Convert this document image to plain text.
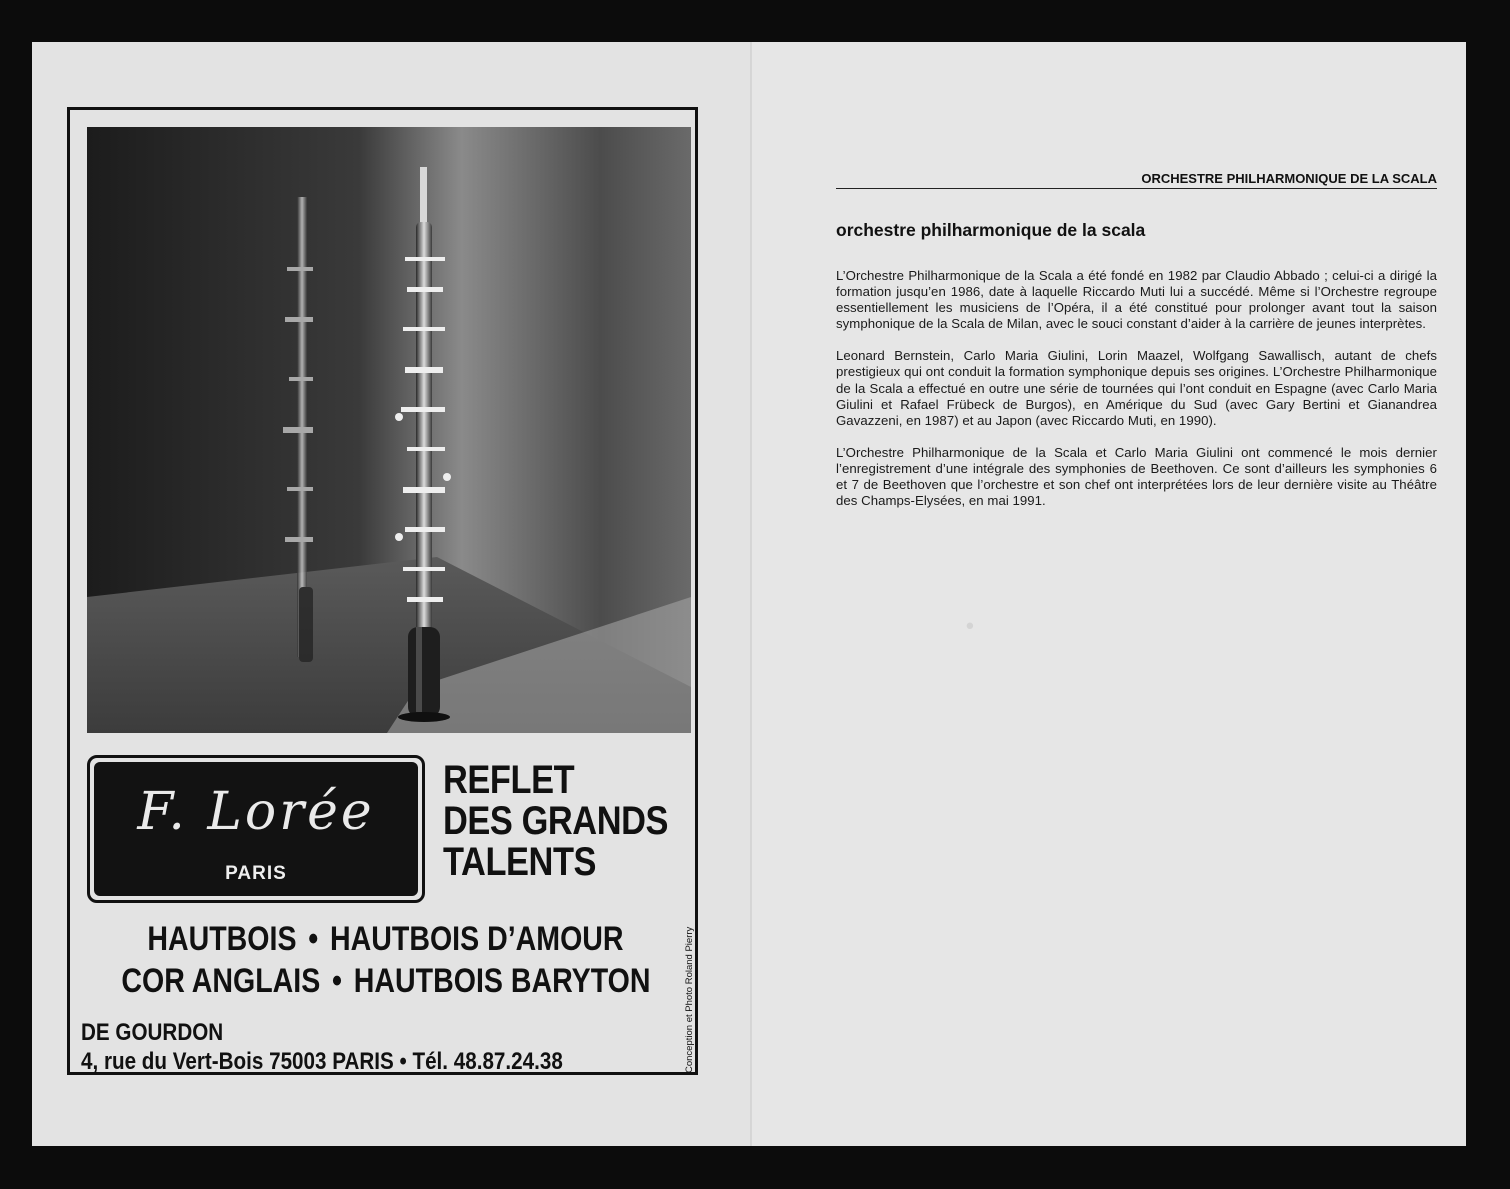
F. Lorée
PARIS
REFLET
DES GRANDS
TALENTS
HAUTBOIS • HAUTBOIS D’AMOUR
COR ANGLAIS • HAUTBOIS BARYTON
DE GOURDON
4, rue du Vert-Bois 75003 PARIS • Tél. 48.87.24.38	Conception et Photo Roland Pierry
·
ORCHESTRE PHILHARMONIQUE DE LA SCALA
orchestre philharmonique de la scala

L’Orchestre Philharmonique de la Scala a été fondé en 1982 par Claudio Abbado ; celui-ci a dirigé la formation jusqu’en 1986, date à laquelle Riccardo Muti lui a succédé. Même si l’Orchestre regroupe essentiellement les musiciens de l’Opéra, il a été constitué pour prolonger avant tout la saison symphonique de la Scala de Milan, avec le souci constant d’aider à la carrière de jeunes interprètes.

Leonard Bernstein, Carlo Maria Giulini, Lorin Maazel, Wolfgang Sawallisch, autant de chefs prestigieux qui ont conduit la formation symphonique depuis ses origines. L’Orchestre Philharmonique de la Scala a effectué en outre une série de tournées qui l’ont conduit en Espagne (avec Carlo Maria Giulini et Rafael Frübeck de Burgos), en Amérique du Sud (avec Gary Bertini et Gianandrea Gavazzeni, en 1987) et au Japon (avec Riccardo Muti, en 1990).

L’Orchestre Philharmonique de la Scala et Carlo Maria Giulini ont commencé le mois dernier l’enregistrement d’une intégrale des symphonies de Beethoven. Ce sont d’ailleurs les symphonies 6 et 7 de Beethoven que l’orchestre et son chef ont interprétées lors de leur dernière visite au Théâtre des Champs-Elysées, en mai 1991.
